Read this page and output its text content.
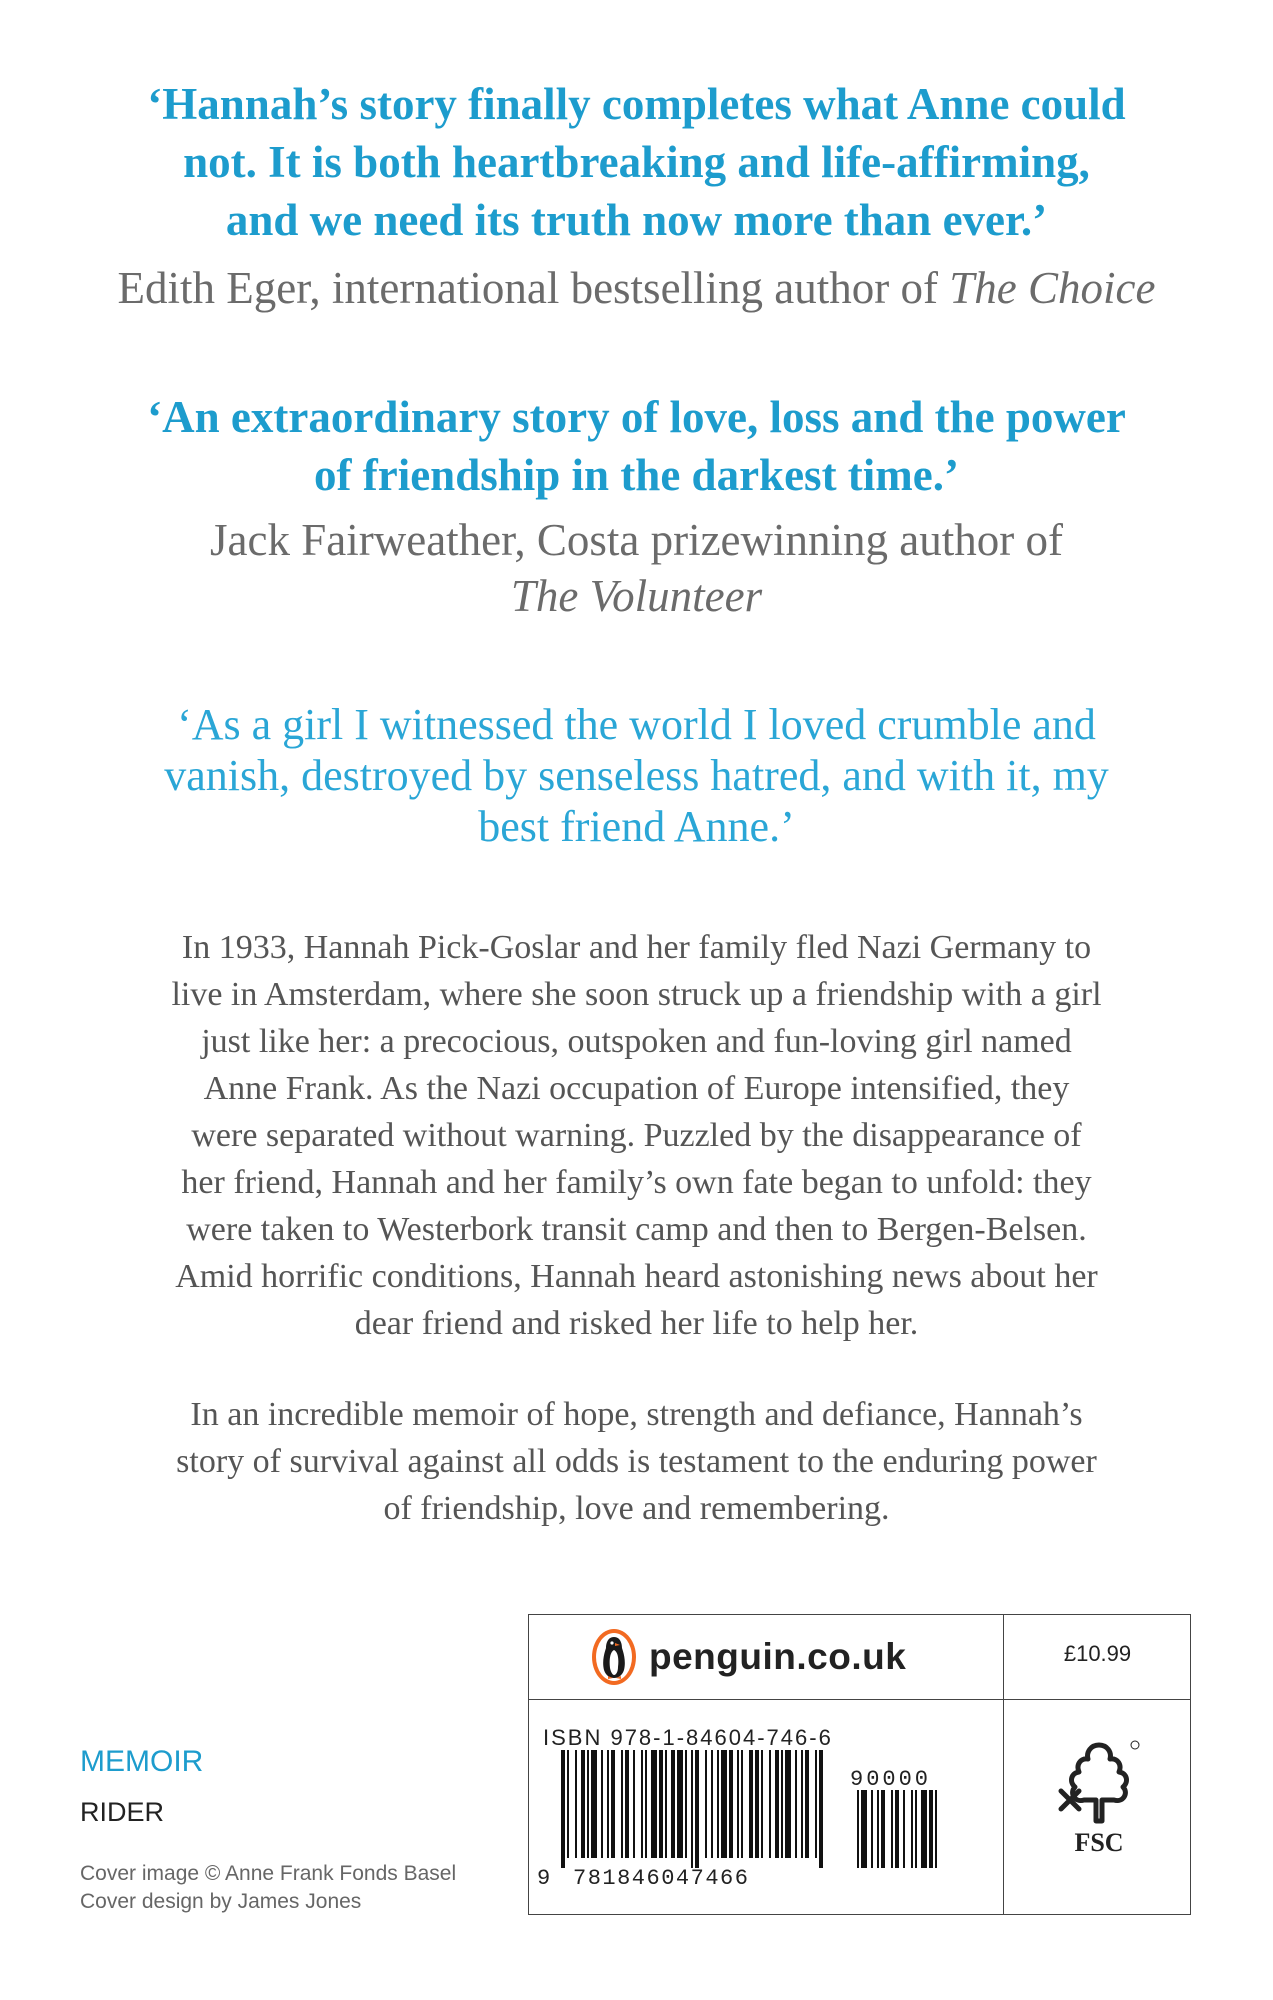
‘Hannah’s story finally completes what Anne could
not. It is both heartbreaking and life-affirming,
and we need its truth now more than ever.’
Edith Eger, international bestselling author of The Choice
‘An extraordinary story of love, loss and the power
of friendship in the darkest time.’
Jack Fairweather, Costa prizewinning author of
The Volunteer
‘As a girl I witnessed the world I loved crumble and
vanish, destroyed by senseless hatred, and with it, my
best friend Anne.’
In 1933, Hannah Pick-Goslar and her family fled Nazi Germany to
live in Amsterdam, where she soon struck up a friendship with a girl
just like her: a precocious, outspoken and fun-loving girl named
Anne Frank. As the Nazi occupation of Europe intensified, they
were separated without warning. Puzzled by the disappearance of
her friend, Hannah and her family’s own fate began to unfold: they
were taken to Westerbork transit camp and then to Bergen-Belsen.
Amid horrific conditions, Hannah heard astonishing news about her
dear friend and risked her life to help her.
In an incredible memoir of hope, strength and defiance, Hannah’s
story of survival against all odds is testament to the enduring power
of friendship, love and remembering.
MEMOIR
RIDER
Cover image © Anne Frank Fonds Basel
Cover design by James Jones
penguin.co.uk	£10.99
ISBN 978-1-84604-746-6
9 781846047466
90000
FSC
